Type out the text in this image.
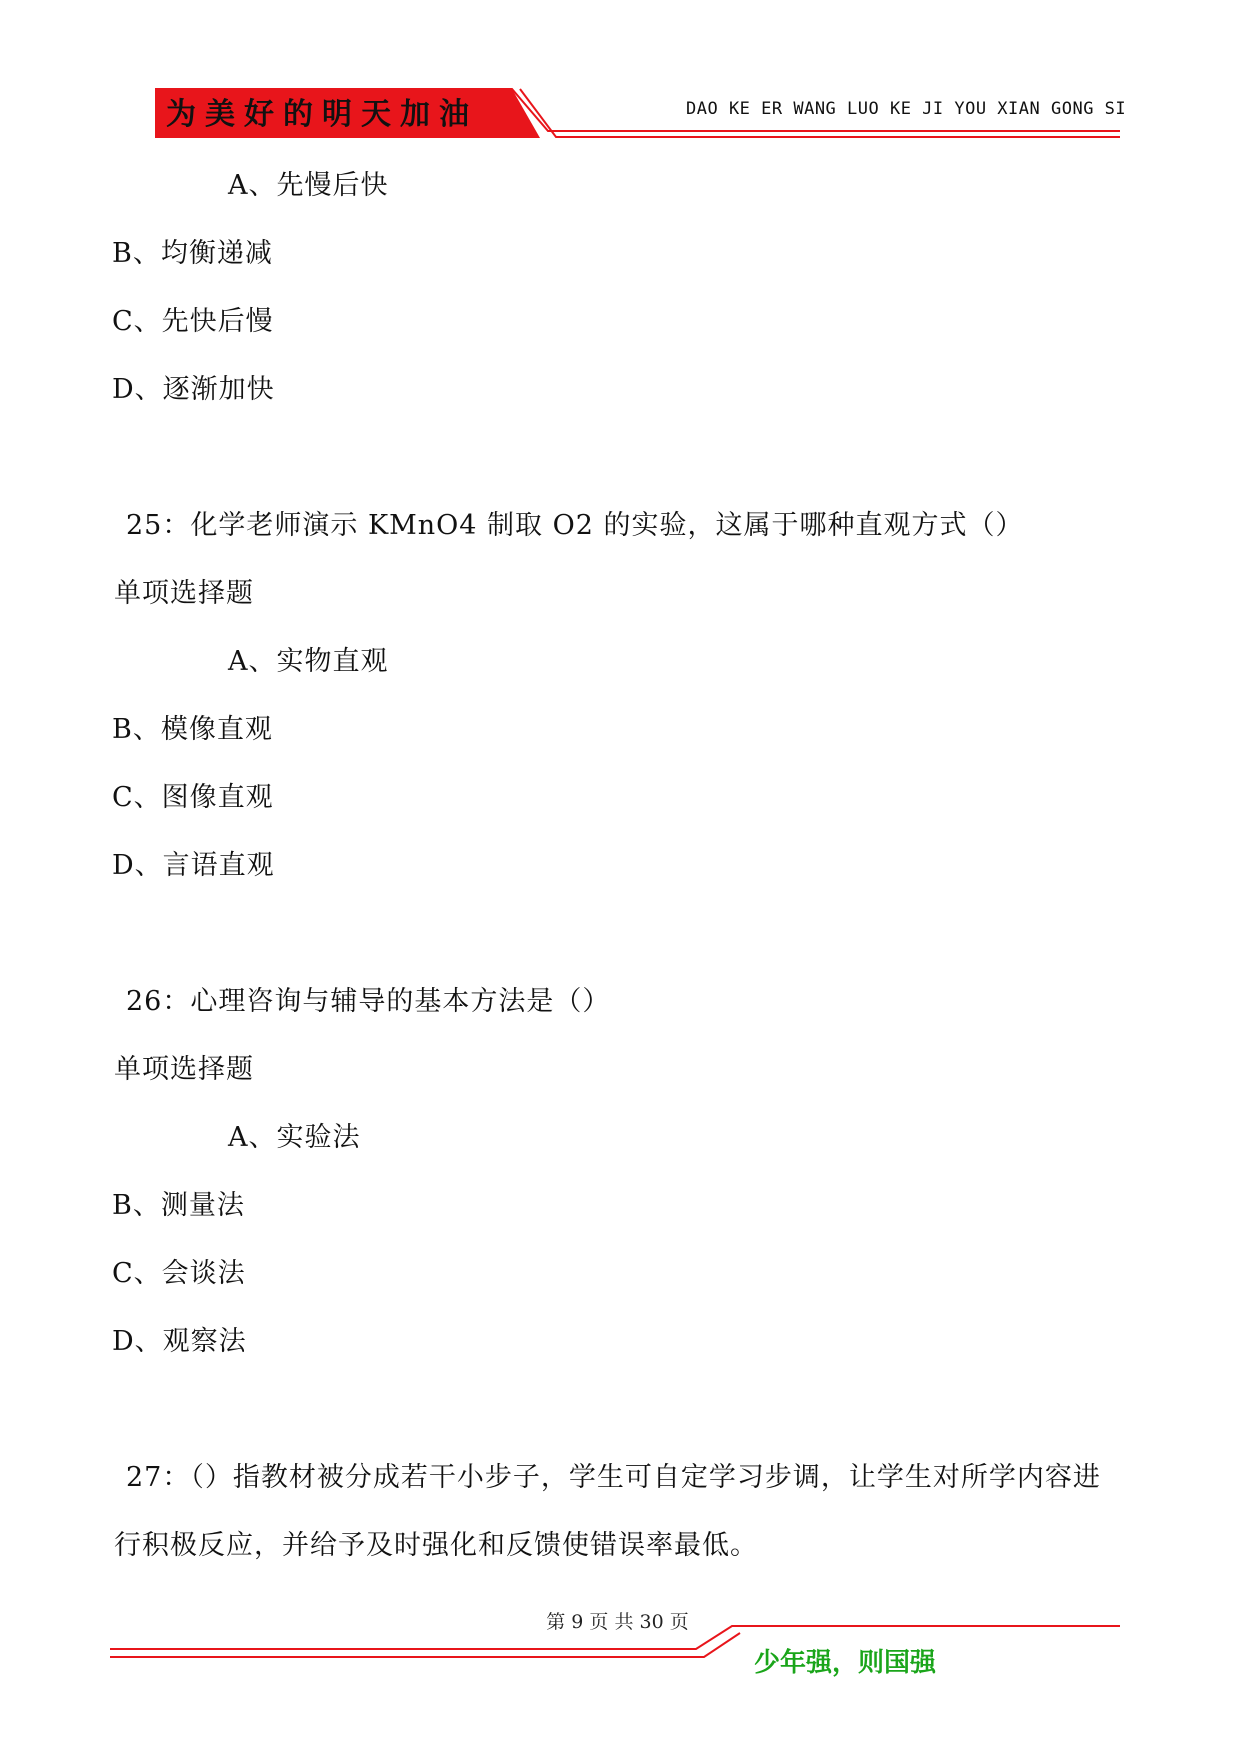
为美好的明天加油	DAO KE ER WANG LUO KE JI YOU XIAN GONG SI
A、先慢后快
B、均衡递减
C、先快后慢
D、逐渐加快
25：化学老师演示 KMnO4 制取 O2 的实验，这属于哪种直观方式（）
单项选择题
A、实物直观
B、模像直观
C、图像直观
D、言语直观
26：心理咨询与辅导的基本方法是（）
单项选择题
A、实验法
B、测量法
C、会谈法
D、观察法
27：（）指教材被分成若干小步子，学生可自定学习步调，让学生对所学内容进
行积极反应，并给予及时强化和反馈使错误率最低。
第 9 页 共 30 页
少年强，则国强
